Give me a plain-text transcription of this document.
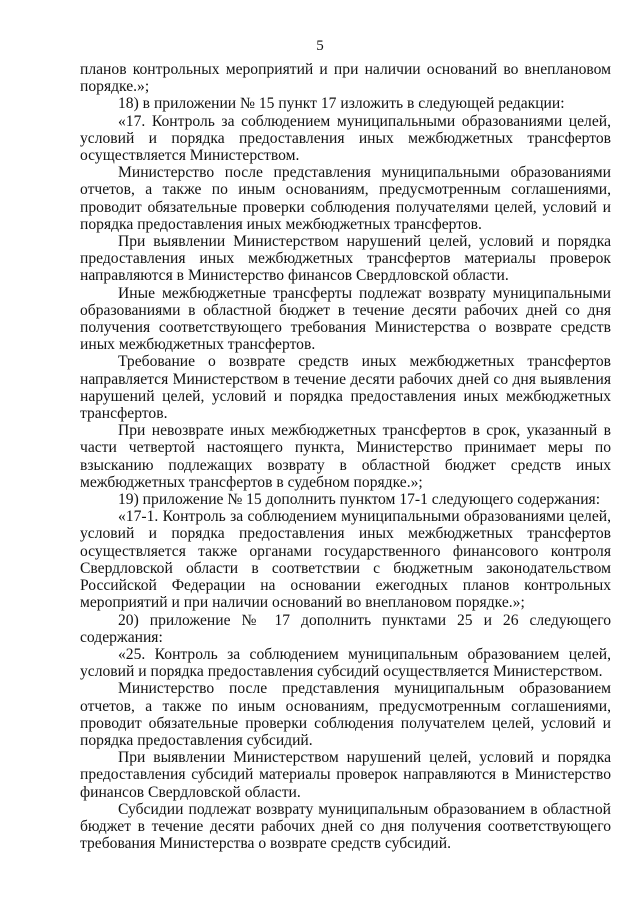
5

планов контрольных мероприятий и при наличии оснований во внеплановом порядке.»;

18) в приложении № 15 пункт 17 изложить в следующей редакции:

«17. Контроль за соблюдением муниципальными образованиями целей, условий и порядка предоставления иных межбюджетных трансфертов осуществляется Министерством.

Министерство после представления муниципальными образованиями отчетов, а также по иным основаниям, предусмотренным соглашениями, проводит обязательные проверки соблюдения получателями целей, условий и порядка предоставления иных межбюджетных трансфертов.

При выявлении Министерством нарушений целей, условий и порядка предоставления иных межбюджетных трансфертов материалы проверок направляются в Министерство финансов Свердловской области.

Иные межбюджетные трансферты подлежат возврату муниципальными образованиями в областной бюджет в течение десяти рабочих дней со дня получения соответствующего требования Министерства о возврате средств иных межбюджетных трансфертов.

Требование о возврате средств иных межбюджетных трансфертов направляется Министерством в течение десяти рабочих дней со дня выявления нарушений целей, условий и порядка предоставления иных межбюджетных трансфертов.

При невозврате иных межбюджетных трансфертов в срок, указанный в части четвертой настоящего пункта, Министерство принимает меры по взысканию подлежащих возврату в областной бюджет средств иных межбюджетных трансфертов в судебном порядке.»;

19) приложение № 15 дополнить пунктом 17-1 следующего содержания:

«17-1. Контроль за соблюдением муниципальными образованиями целей, условий и порядка предоставления иных межбюджетных трансфертов осуществляется также органами государственного финансового контроля Свердловской области в соответствии с бюджетным законодательством Российской Федерации на основании ежегодных планов контрольных мероприятий и при наличии оснований во внеплановом порядке.»;

20) приложение № 17 дополнить пунктами 25 и 26 следующего содержания:

«25. Контроль за соблюдением муниципальным образованием целей, условий и порядка предоставления субсидий осуществляется Министерством.

Министерство после представления муниципальным образованием отчетов, а также по иным основаниям, предусмотренным соглашениями, проводит обязательные проверки соблюдения получателем целей, условий и порядка предоставления субсидий.

При выявлении Министерством нарушений целей, условий и порядка предоставления субсидий материалы проверок направляются в Министерство финансов Свердловской области.

Субсидии подлежат возврату муниципальным образованием в областной бюджет в течение десяти рабочих дней со дня получения соответствующего требования Министерства о возврате средств субсидий.
